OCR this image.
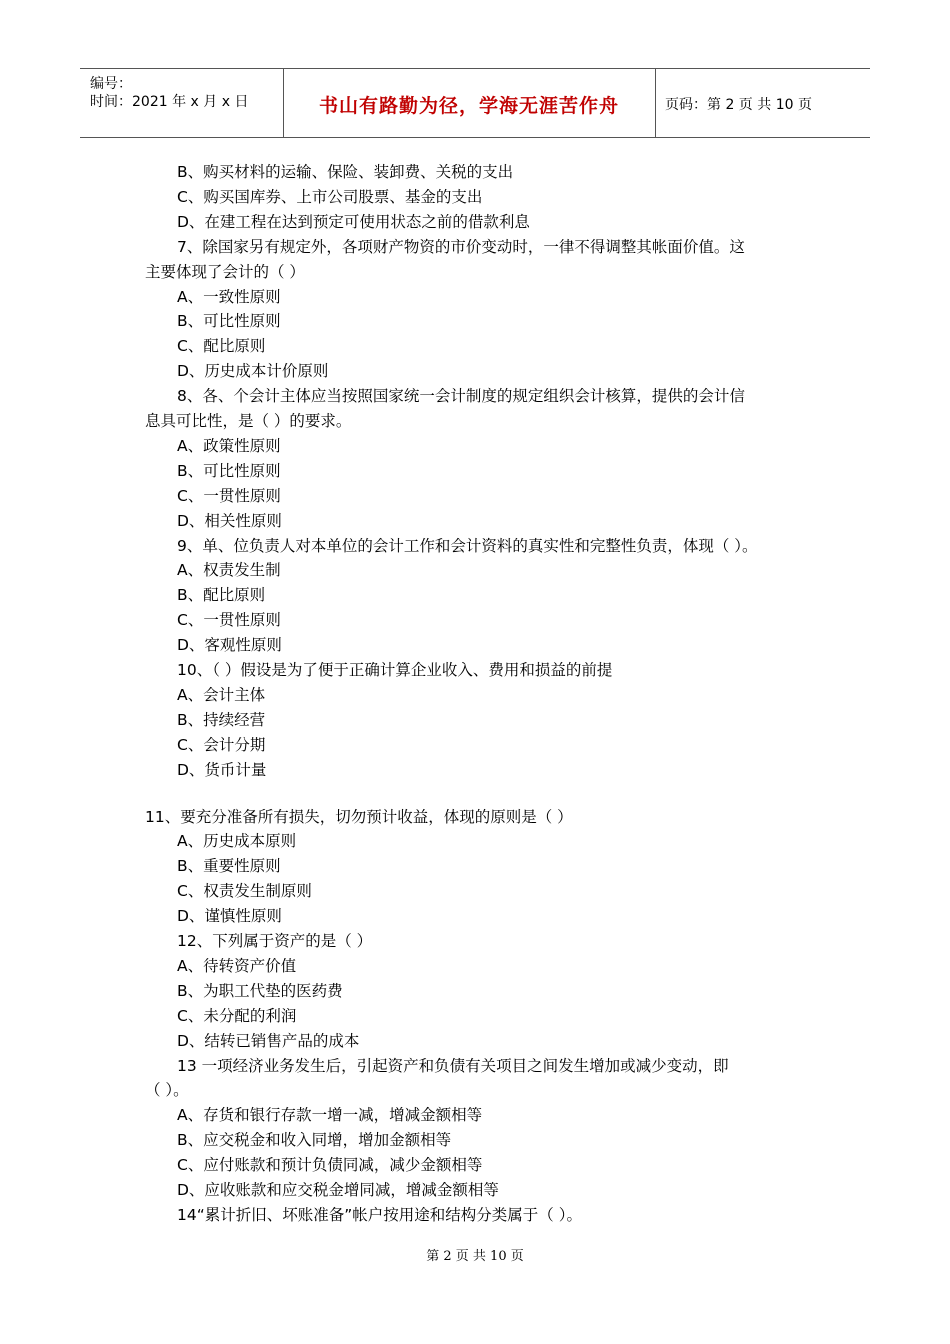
编号：
时间：2021 年 x 月 x 日	书山有路勤为径，学海无涯苦作舟	页码：第 2 页 共 10 页
B、购买材料的运输、保险、装卸费、关税的支出
C、购买国库券、上市公司股票、基金的支出
D、在建工程在达到预定可使用状态之前的借款利息
7、除国家另有规定外，各项财产物资的市价变动时，一律不得调整其帐面价值。这
主要体现了会计的（ ）
A、一致性原则
B、可比性原则
C、配比原则
D、历史成本计价原则
8、各、个会计主体应当按照国家统一会计制度的规定组织会计核算，提供的会计信
息具可比性，是（ ）的要求。
A、政策性原则
B、可比性原则
C、一贯性原则
D、相关性原则
9、单、位负责人对本单位的会计工作和会计资料的真实性和完整性负责，体现（ ）。
A、权责发生制
B、配比原则
C、一贯性原则
D、客观性原则
10、（ ）假设是为了便于正确计算企业收入、费用和损益的前提
A、会计主体
B、持续经营
C、会计分期
D、货币计量
11、要充分准备所有损失，切勿预计收益，体现的原则是（ ）
A、历史成本原则
B、重要性原则
C、权责发生制原则
D、谨慎性原则
12、下列属于资产的是（ ）
A、待转资产价值
B、为职工代垫的医药费
C、未分配的利润
D、结转已销售产品的成本
13 一项经济业务发生后，引起资产和负债有关项目之间发生增加或减少变动，即
（ ）。
A、存货和银行存款一增一减，增减金额相等
B、应交税金和收入同增，增加金额相等
C、应付账款和预计负债同减，减少金额相等
D、应收账款和应交税金增同减，增减金额相等
14“累计折旧、坏账准备”帐户按用途和结构分类属于（ ）。
第 2 页 共 10 页
